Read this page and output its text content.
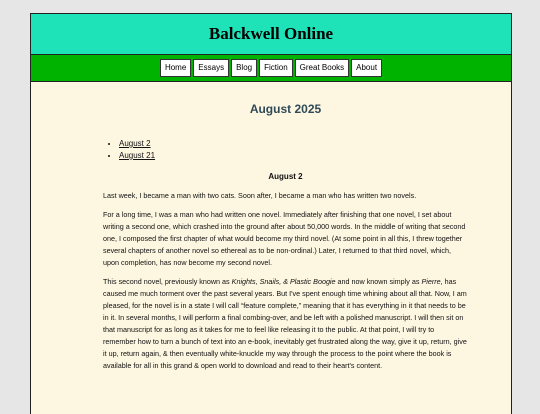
Balckwell Online
Home	Essays	Blog	Fiction	Great Books	About
August 2025
• August 2
• August 21
August 2

Last week, I became a man with two cats. Soon after, I became a man who has written two novels.

For a long time, I was a man who had written one novel. Immediately after finishing that one novel, I set about writing a second one, which crashed into the ground after about 50,000 words. In the middle of writing that second one, I composed the first chapter of what would become my third novel. (At some point in all this, I threw together several chapters of another novel so ethereal as to be non-ordinal.) Later, I returned to that third novel, which, upon completion, has now become my second novel.

This second novel, previously known as Knights, Snails, & Plastic Boogie and now known simply as Pierre, has caused me much torment over the past several years. But I've spent enough time whining about all that. Now, I am pleased, for the novel is in a state I will call “feature complete,” meaning that it has everything in it that needs to be in it. In several months, I will perform a final combing-over, and be left with a polished manuscript. I will then sit on that manuscript for as long as it takes for me to feel like releasing it to the public. At that point, I will try to remember how to turn a bunch of text into an e-book, inevitably get frustrated along the way, give it up, return, give it up, return again, & then eventually white-knuckle my way through the process to the point where the book is available for all in this grand & open world to download and read to their heart's content.
